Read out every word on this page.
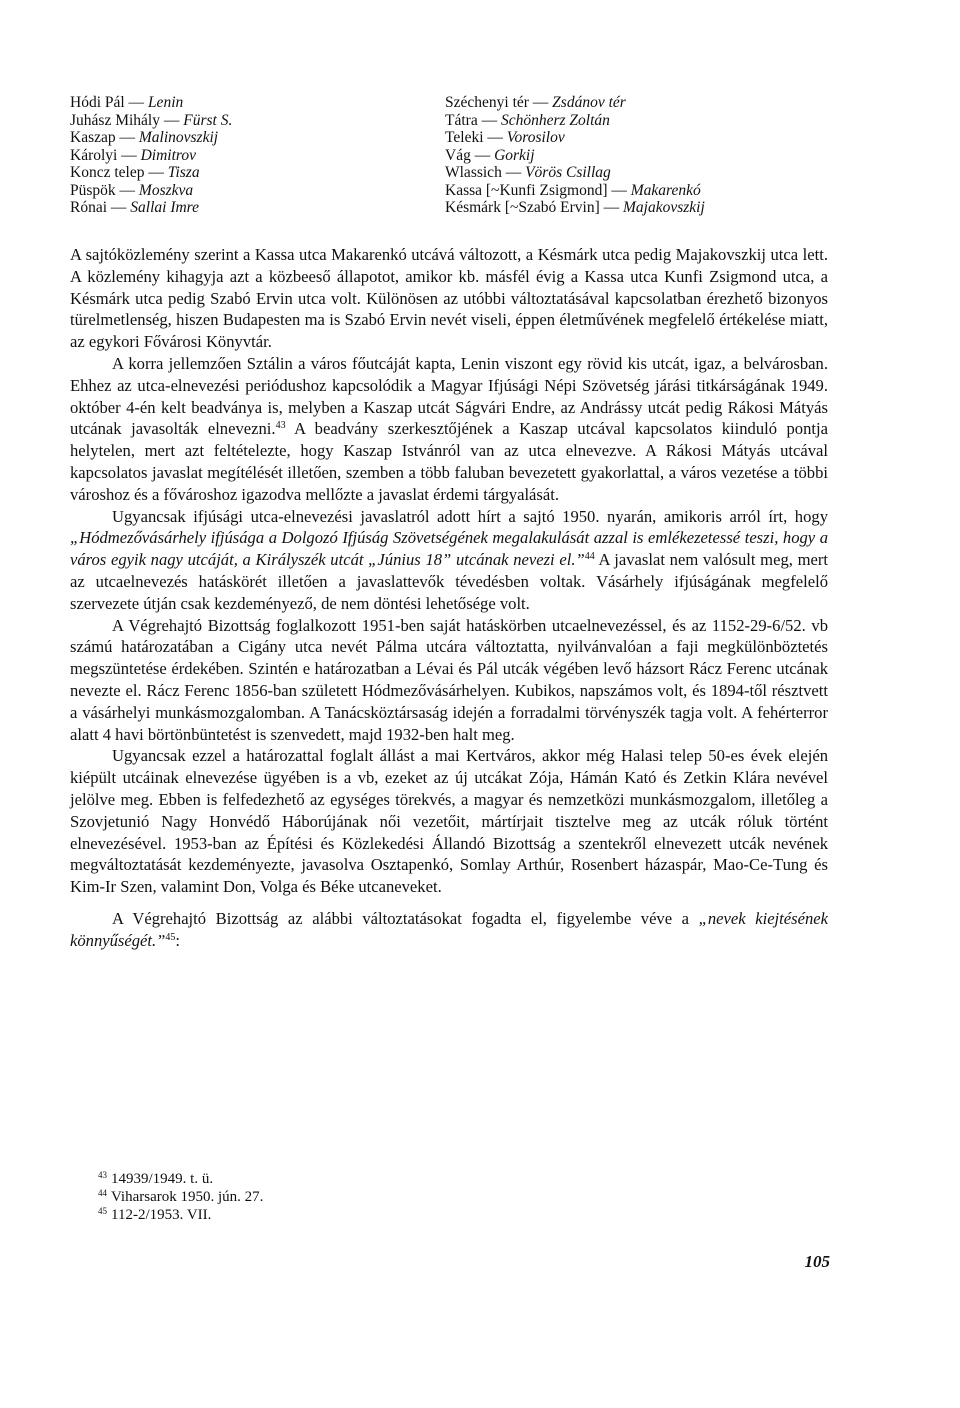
Hódi Pál — Lenin
Juhász Mihály — Fürst S.
Kaszap — Malinovszkij
Károlyi — Dimitrov
Koncz telep — Tisza
Püspök — Moszkva
Rónai — Sallai Imre
Széchenyi tér — Zsdánov tér
Tátra — Schönherz Zoltán
Teleki — Vorosilov
Vág — Gorkij
Wlassich — Vörös Csillag
Kassa [~Kunfi Zsigmond] — Makarenkó
Késmárk [~Szabó Ervin] — Majakovszkij

A sajtóközlemény szerint a Kassa utca Makarenkó utcává változott, a Késmárk utca pedig Majakovszkij utca lett. A közlemény kihagyja azt a közbeeső állapotot, amikor kb. másfél évig a Kassa utca Kunfi Zsigmond utca, a Késmárk utca pedig Szabó Ervin utca volt. Különösen az utóbbi változtatásával kapcsolatban érezhető bizonyos türelmetlenség, hiszen Budapesten ma is Szabó Ervin nevét viseli, éppen életművének megfelelő értékelése miatt, az egykori Fővárosi Könyvtár.

A korra jellemzően Sztálin a város főutcáját kapta, Lenin viszont egy rövid kis utcát, igaz, a belvárosban. Ehhez az utca-elnevezési periódushoz kapcsolódik a Magyar Ifjúsági Népi Szövetség járási titkárságának 1949. október 4-én kelt beadványa is, melyben a Kaszap utcát Ságvári Endre, az Andrássy utcát pedig Rákosi Mátyás utcának javasolták elnevezni.$^{43}$ A beadvány szerkesztőjének a Kaszap utcával kapcsolatos kiinduló pontja helytelen, mert azt feltételezte, hogy Kaszap Istvánról van az utca elnevezve. A Rákosi Mátyás utcával kapcsolatos javaslat megítélését illetően, szemben a több faluban bevezetett gyakorlattal, a város vezetése a többi városhoz és a fővároshoz igazodva mellőzte a javaslat érdemi tárgyalását.

Ugyancsak ifjúsági utca-elnevezési javaslatról adott hírt a sajtó 1950. nyarán, amikoris arról írt, hogy „Hódmezővásárhely ifjúsága a Dolgozó Ifjúság Szövetségének megalakulását azzal is emlékezetessé teszi, hogy a város egyik nagy utcáját, a Királyszék utcát „Június 18” utcának nevezi el.”$^{44}$ A javaslat nem valósult meg, mert az utcaelnevezés hatáskörét illetően a javaslattevők tévedésben voltak. Vásárhely ifjúságának megfelelő szervezete útján csak kezdeményező, de nem döntési lehetősége volt.

A Végrehajtó Bizottság foglalkozott 1951-ben saját hatáskörben utcaelnevezéssel, és az 1152-29-6/52. vb számú határozatában a Cigány utca nevét Pálma utcára változtatta, nyilvánvalóan a faji megkülönböztetés megszüntetése érdekében. Szintén e határozatban a Lévai és Pál utcák végében levő házsort Rácz Ferenc utcának nevezte el. Rácz Ferenc 1856-ban született Hódmezővásárhelyen. Kubikos, napszámos volt, és 1894-től résztvett a vásárhelyi munkásmozgalomban. A Tanácsköztársaság idején a forradalmi törvényszék tagja volt. A fehérterror alatt 4 havi börtönbüntetést is szenvedett, majd 1932-ben halt meg.

Ugyancsak ezzel a határozattal foglalt állást a mai Kertváros, akkor még Halasi telep 50-es évek elején kiépült utcáinak elnevezése ügyében is a vb, ezeket az új utcákat Zója, Hámán Kató és Zetkin Klára nevével jelölve meg. Ebben is felfedezhető az egységes törekvés, a magyar és nemzetközi munkásmozgalom, illetőleg a Szovjetunió Nagy Honvédő Háborújának női vezetőit, mártírjait tisztelve meg az utcák róluk történt elnevezésével. 1953-ban az Építési és Közlekedési Állandó Bizottság a szentekről elnevezett utcák nevének megváltoztatását kezdeményezte, javasolva Osztapenkó, Somlay Arthúr, Rosenbert házaspár, Mao-Ce-Tung és Kim-Ir Szen, valamint Don, Volga és Béke utcaneveket.

A Végrehajtó Bizottság az alábbi változtatásokat fogadta el, figyelembe véve a „nevek kiejtésének könnyűségét.”$^{45}$:

$^{43}$ 14939/1949. t. ü.
$^{44}$ Viharsarok 1950. jún. 27.
$^{45}$ 112-2/1953. VII.
105
